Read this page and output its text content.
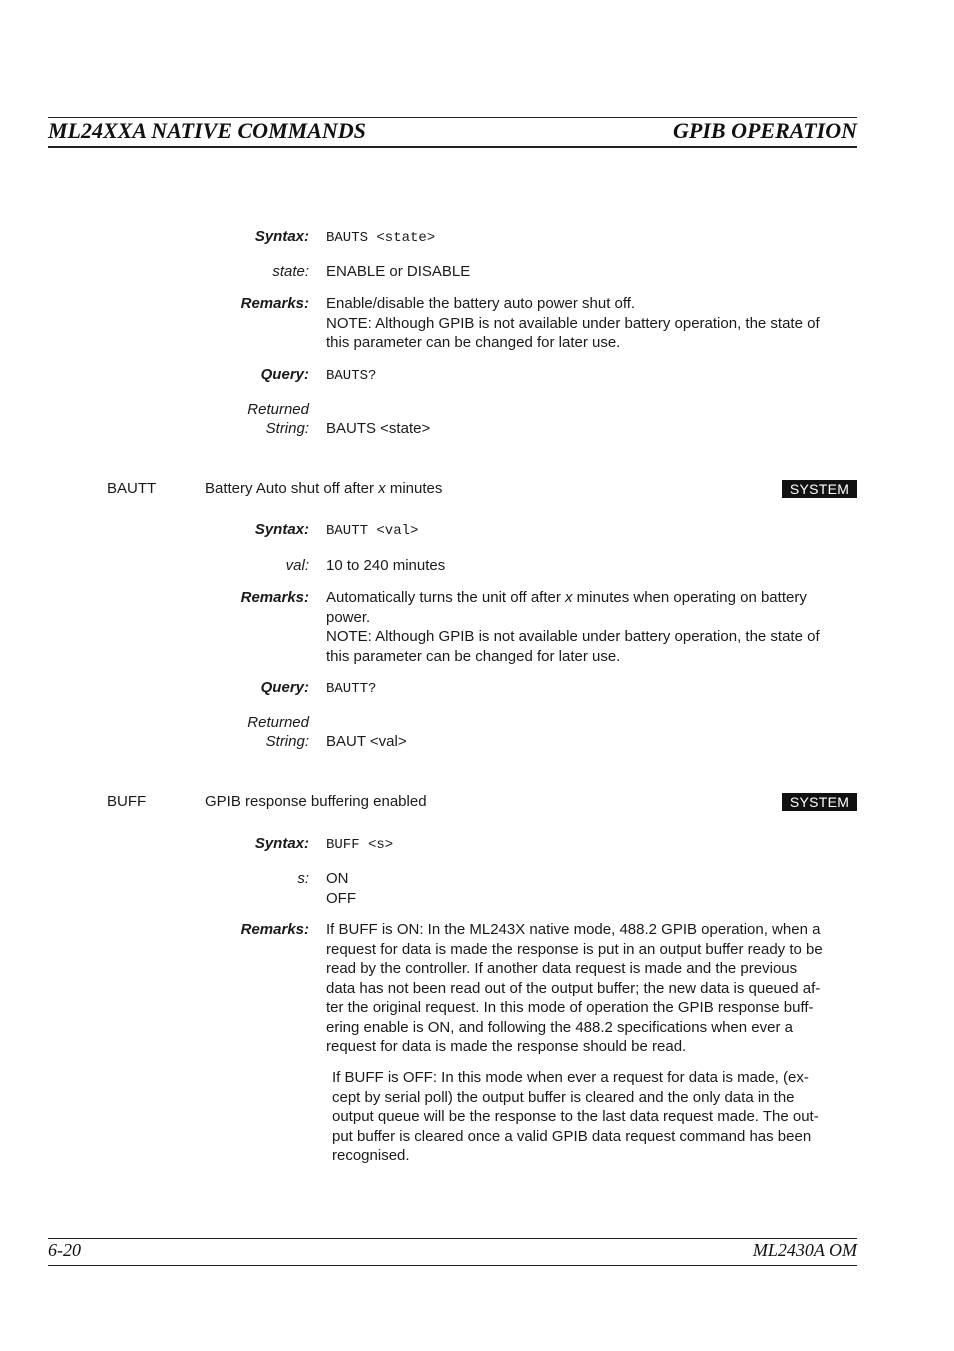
ML24XXA NATIVE COMMANDS	GPIB OPERATION
Syntax: BAUTS <state>
state: ENABLE or DISABLE
Remarks: Enable/disable the battery auto power shut off.
NOTE: Although GPIB is not available under battery operation, the state of
this parameter can be changed for later use.
Query: BAUTS?
Returned
String: BAUTS <state>
BAUTT	Battery Auto shut off after x minutes	SYSTEM
Syntax: BAUTT <val>
val: 10 to 240 minutes
Remarks: Automatically turns the unit off after x minutes when operating on battery
power.
NOTE: Although GPIB is not available under battery operation, the state of
this parameter can be changed for later use.
Query: BAUTT?
Returned
String: BAUT <val>
BUFF	GPIB response buffering enabled	SYSTEM
Syntax: BUFF <s>
s: ON
OFF
Remarks: If BUFF is ON: In the ML243X native mode, 488.2 GPIB operation, when a
request for data is made the response is put in an output buffer ready to be
read by the controller. If another data request is made and the previous
data has not been read out of the output buffer; the new data is queued af-
ter the original request. In this mode of operation the GPIB response buff-
ering enable is ON, and following the 488.2 specifications when ever a
request for data is made the response should be read.
If BUFF is OFF: In this mode when ever a request for data is made, (ex-
cept by serial poll) the output buffer is cleared and the only data in the
output queue will be the response to the last data request made. The out-
put buffer is cleared once a valid GPIB data request command has been
recognised.
6-20	ML2430A OM
